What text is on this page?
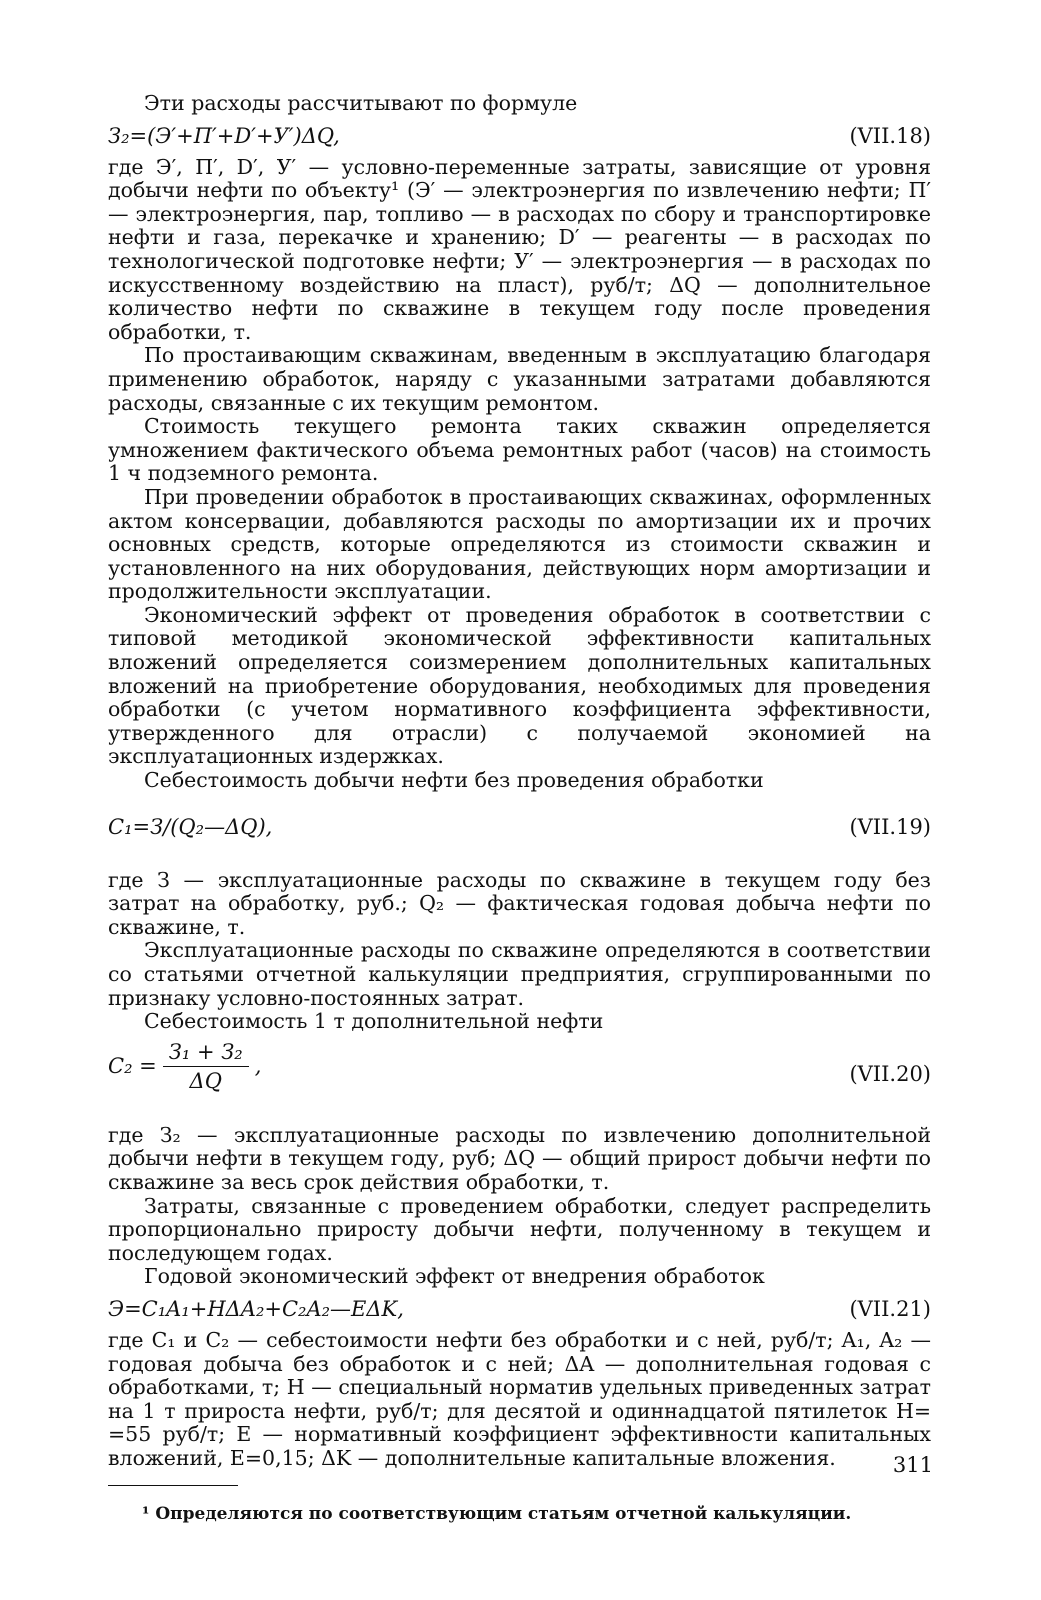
Эти расходы рассчитывают по формуле

З₂=(Э′+П′+D′+У′)ΔQ,	(VII.18)

где Э′, П′, D′, У′ — условно-переменные затраты, зависящие от уровня добычи нефти по объекту¹ (Э′ — электроэнергия по извлечению нефти; П′ — электроэнергия, пар, топливо — в расходах по сбору и транспортировке нефти и газа, перекачке и хранению; D′ — реагенты — в расходах по технологической подготовке нефти; У′ — электроэнергия — в расходах по искусственному воздействию на пласт), руб/т; ΔQ — дополнительное количество нефти по скважине в текущем году после проведения обработки, т.

По простаивающим скважинам, введенным в эксплуатацию благодаря применению обработок, наряду с указанными затратами добавляются расходы, связанные с их текущим ремонтом.

Стоимость текущего ремонта таких скважин определяется умножением фактического объема ремонтных работ (часов) на стоимость 1 ч подземного ремонта.

При проведении обработок в простаивающих скважинах, оформленных актом консервации, добавляются расходы по амортизации их и прочих основных средств, которые определяются из стоимости скважин и установленного на них оборудования, действующих норм амортизации и продолжительности эксплуатации.

Экономический эффект от проведения обработок в соответствии с типовой методикой экономической эффективности капитальных вложений определяется соизмерением дополнительных капитальных вложений на приобретение оборудования, необходимых для проведения обработки (с учетом нормативного коэффициента эффективности, утвержденного для отрасли) с получаемой экономией на эксплуатационных издержках.

Себестоимость добычи нефти без проведения обработки

C₁=З/(Q₂—ΔQ),	(VII.19)

где З — эксплуатационные расходы по скважине в текущем году без затрат на обработку, руб.; Q₂ — фактическая годовая добыча нефти по скважине, т.

Эксплуатационные расходы по скважине определяются в соответствии со статьями отчетной калькуляции предприятия, сгруппированными по признаку условно-постоянных затрат.

Себестоимость 1 т дополнительной нефти

C₂ =
З₁ + З₂
ΔQ
,	(VII.20)

где З₂ — эксплуатационные расходы по извлечению дополнительной добычи нефти в текущем году, руб; ΔQ — общий прирост добычи нефти по скважине за весь срок действия обработки, т.

Затраты, связанные с проведением обработки, следует распределить пропорционально приросту добычи нефти, полученному в текущем и последующем годах.

Годовой экономический эффект от внедрения обработок

Э=C₁A₁+HΔA₂+C₂A₂—EΔK,	(VII.21)

где C₁ и C₂ — себестоимости нефти без обработки и с ней, руб/т; A₁, A₂ — годовая добыча без обработок и с ней; ΔA — дополнительная годовая с обработками, т; H — специальный норматив удельных приведенных затрат на 1 т прироста нефти, руб/т; для десятой и одиннадцатой пятилеток H= =55 руб/т; E — нормативный коэффициент эффективности капитальных вложений, E=0,15; ΔK — дополнительные капитальные вложения.

¹ Определяются по соответствующим статьям отчетной калькуляции.

311
